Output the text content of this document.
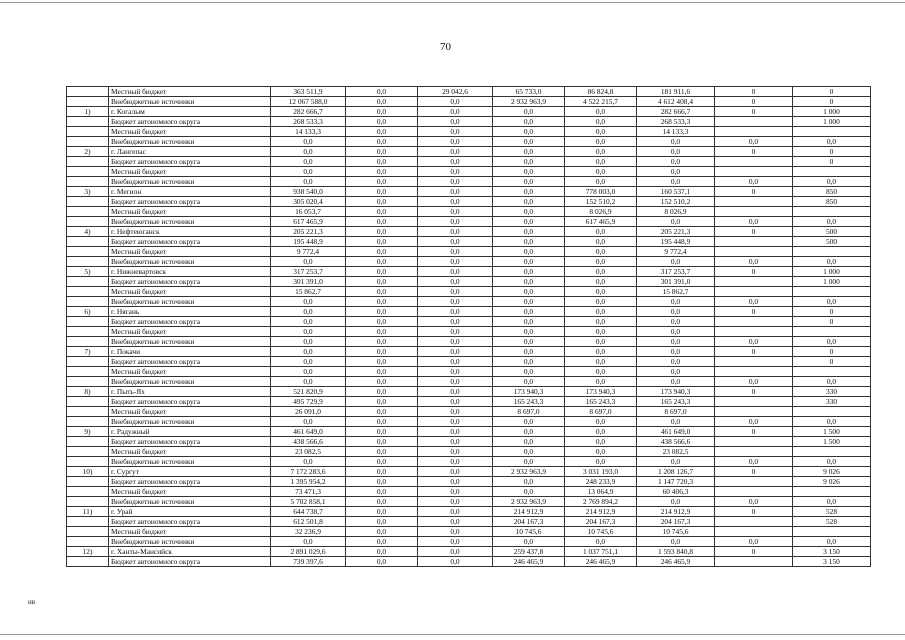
70
	Местный бюджет	363 511,9	0,0	29 042,6	65 733,0	86 824,8	181 911,6	0	0
	Внебюджетные источники	12 067 588,0	0,0	0,0	2 932 963,9	4 522 215,7	4 612 408,4	0	0
1)	г. Когалым	282 666,7	0,0	0,0	0,0	0,0	282 666,7	0	1 000
	Бюджет автономного округа	268 533,3	0,0	0,0	0,0	0,0	268 533,3		1 000
	Местный бюджет	14 133,3	0,0	0,0	0,0	0,0	14 133,3		
	Внебюджетные источники	0,0	0,0	0,0	0,0	0,0	0,0	0,0	0,0
2)	г. Лангепас	0,0	0,0	0,0	0,0	0,0	0,0	0	0
	Бюджет автономного округа	0,0	0,0	0,0	0,0	0,0	0,0		0
	Местный бюджет	0,0	0,0	0,0	0,0	0,0	0,0		
	Внебюджетные источники	0,0	0,0	0,0	0,0	0,0	0,0	0,0	0,0
3)	г. Мегион	938 540,0	0,0	0,0	0,0	778 003,0	160 537,1	0	850
	Бюджет автономного округа	305 020,4	0,0	0,0	0,0	152 510,2	152 510,2		850
	Местный бюджет	16 053,7	0,0	0,0	0,0	8 026,9	8 026,9		
	Внебюджетные источники	617 465,9	0,0	0,0	0,0	617 465,9	0,0	0,0	0,0
4)	г. Нефтеюганск	205 221,3	0,0	0,0	0,0	0,0	205 221,3	0	500
	Бюджет автономного округа	195 448,9	0,0	0,0	0,0	0,0	195 448,9		500
	Местный бюджет	9 772,4	0,0	0,0	0,0	0,0	9 772,4		
	Внебюджетные источники	0,0	0,0	0,0	0,0	0,0	0,0	0,0	0,0
5)	г. Нижневартовск	317 253,7	0,0	0,0	0,0	0,0	317 253,7	0	1 000
	Бюджет автономного округа	301 391,0	0,0	0,0	0,0	0,0	301 391,0		1 000
	Местный бюджет	15 862,7	0,0	0,0	0,0	0,0	15 862,7		
	Внебюджетные источники	0,0	0,0	0,0	0,0	0,0	0,0	0,0	0,0
6)	г. Нягань	0,0	0,0	0,0	0,0	0,0	0,0	0	0
	Бюджет автономного округа	0,0	0,0	0,0	0,0	0,0	0,0		0
	Местный бюджет	0,0	0,0	0,0	0,0	0,0	0,0		
	Внебюджетные источники	0,0	0,0	0,0	0,0	0,0	0,0	0,0	0,0
7)	г. Покачи	0,0	0,0	0,0	0,0	0,0	0,0	0	0
	Бюджет автономного округа	0,0	0,0	0,0	0,0	0,0	0,0		0
	Местный бюджет	0,0	0,0	0,0	0,0	0,0	0,0		
	Внебюджетные источники	0,0	0,0	0,0	0,0	0,0	0,0	0,0	0,0
8)	г. Пыть-Ях	521 820,9	0,0	0,0	173 940,3	173 940,3	173 940,3	0	330
	Бюджет автономного округа	495 729,9	0,0	0,0	165 243,3	165 243,3	165 243,3		330
	Местный бюджет	26 091,0	0,0	0,0	8 697,0	8 697,0	8 697,0		
	Внебюджетные источники	0,0	0,0	0,0	0,0	0,0	0,0	0,0	0,0
9)	г. Радужный	461 649,0	0,0	0,0	0,0	0,0	461 649,0	0	1 500
	Бюджет автономного округа	438 566,6	0,0	0,0	0,0	0,0	438 566,6		1 500
	Местный бюджет	23 082,5	0,0	0,0	0,0	0,0	23 082,5		
	Внебюджетные источники	0,0	0,0	0,0	0,0	0,0	0,0	0,0	0,0
10)	г. Сургут	7 172 283,6	0,0	0,0	2 932 963,9	3 031 193,0	1 208 126,7	0	9 026
	Бюджет автономного округа	1 395 954,2	0,0	0,0	0,0	248 233,9	1 147 720,3		9 026
	Местный бюджет	73 471,3	0,0	0,0	0,0	13 064,9	60 406,3		
	Внебюджетные источники	5 702 858,1	0,0	0,0	2 932 963,9	2 769 894,2	0,0	0,0	0,0
11)	г. Урай	644 738,7	0,0	0,0	214 912,9	214 912,9	214 912,9	0	528
	Бюджет автономного округа	612 501,8	0,0	0,0	204 167,3	204 167,3	204 167,3		528
	Местный бюджет	32 236,9	0,0	0,0	10 745,6	10 745,6	10 745,6		
	Внебюджетные источники	0,0	0,0	0,0	0,0	0,0	0,0	0,0	0,0
12)	г. Ханты-Мансийск	2 891 029,6	0,0	0,0	259 437,8	1 037 751,1	1 593 840,8	0	3 150
	Бюджет автономного округа	739 397,6	0,0	0,0	246 465,9	246 465,9	246 465,9		3 150
нв
